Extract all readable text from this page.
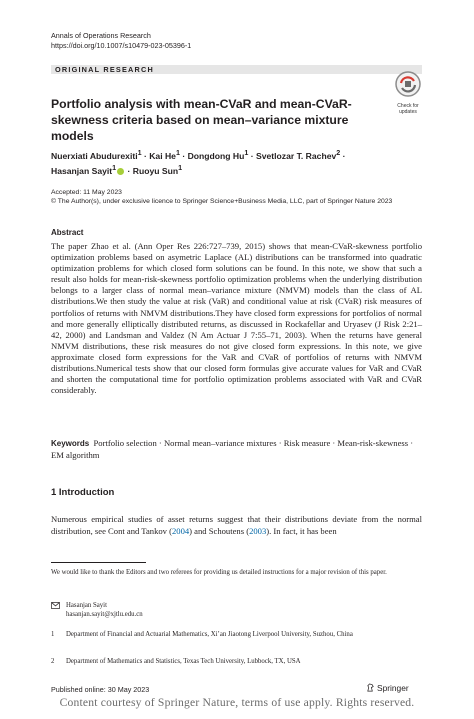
Annals of Operations Research
https://doi.org/10.1007/s10479-023-05396-1
ORIGINAL RESEARCH
Check for
updates
Portfolio analysis with mean-CVaR and mean-CVaR-skewness criteria based on mean–variance mixture models
Nuerxiati Abudurexiti$^1$ · Kai $He^1$ · Dongdong $Hu^1$ · Svetlozar T. Rachev$^2$ ·
Hasanjan Sayit$^1$ · Ruoyu Sun$^1$
Accepted: 11 May 2023
© The Author(s), under exclusive licence to Springer Science+Business Media, LLC, part of Springer Nature 2023
Abstract
The paper Zhao et al. (Ann Oper Res 226:727–739, 2015) shows that mean-CVaR-skewness portfolio optimization problems based on asymetric Laplace (AL) distributions can be transformed into quadratic optimization problems for which closed form solutions can be found. In this note, we show that such a result also holds for mean-risk-skewness portfolio optimization problems when the underlying distribution belongs to a larger class of normal mean–variance mixture (NMVM) models than the class of AL distributions.We then study the value at risk (VaR) and conditional value at risk (CVaR) risk measures of portfolios of returns with NMVM distributions.They have closed form expressions for portfolios of normal and more generally elliptically distributed returns, as discussed in Rockafellar and Uryasev (J Risk 2:21–42, 2000) and Landsman and Valdez (N Am Actuar J 7:55–71, 2003). When the returns have general NMVM distributions, these risk measures do not give closed form expressions. In this note, we give approximate closed form expressions for the VaR and CVaR of portfolios of returns with NMVM distributions.Numerical tests show that our closed form formulas give accurate values for VaR and CVaR and shorten the computational time for portfolio optimization problems associated with VaR and CVaR considerably.
Keywords Portfolio selection · Normal mean–variance mixtures · Risk measure · Mean-risk-skewness · EM algorithm
1 Introduction
Numerous empirical studies of asset returns suggest that their distributions deviate from the normal distribution, see Cont and Tankov (2004) and Schoutens (2003). In fact, it has been
We would like to thank the Editors and two referees for providing us detailed instructions for a major revision of this paper.
Hasanjan Sayit
hasanjan.sayit@xjtlu.edu.cn
1	Department of Financial and Actuarial Mathematics, Xi’an Jiaotong Liverpool University, Suzhou, China
2	Department of Mathematics and Statistics, Texas Tech University, Lubbock, TX, USA
Published online: 30 May 2023	Springer
Content courtesy of Springer Nature, terms of use apply. Rights reserved.
